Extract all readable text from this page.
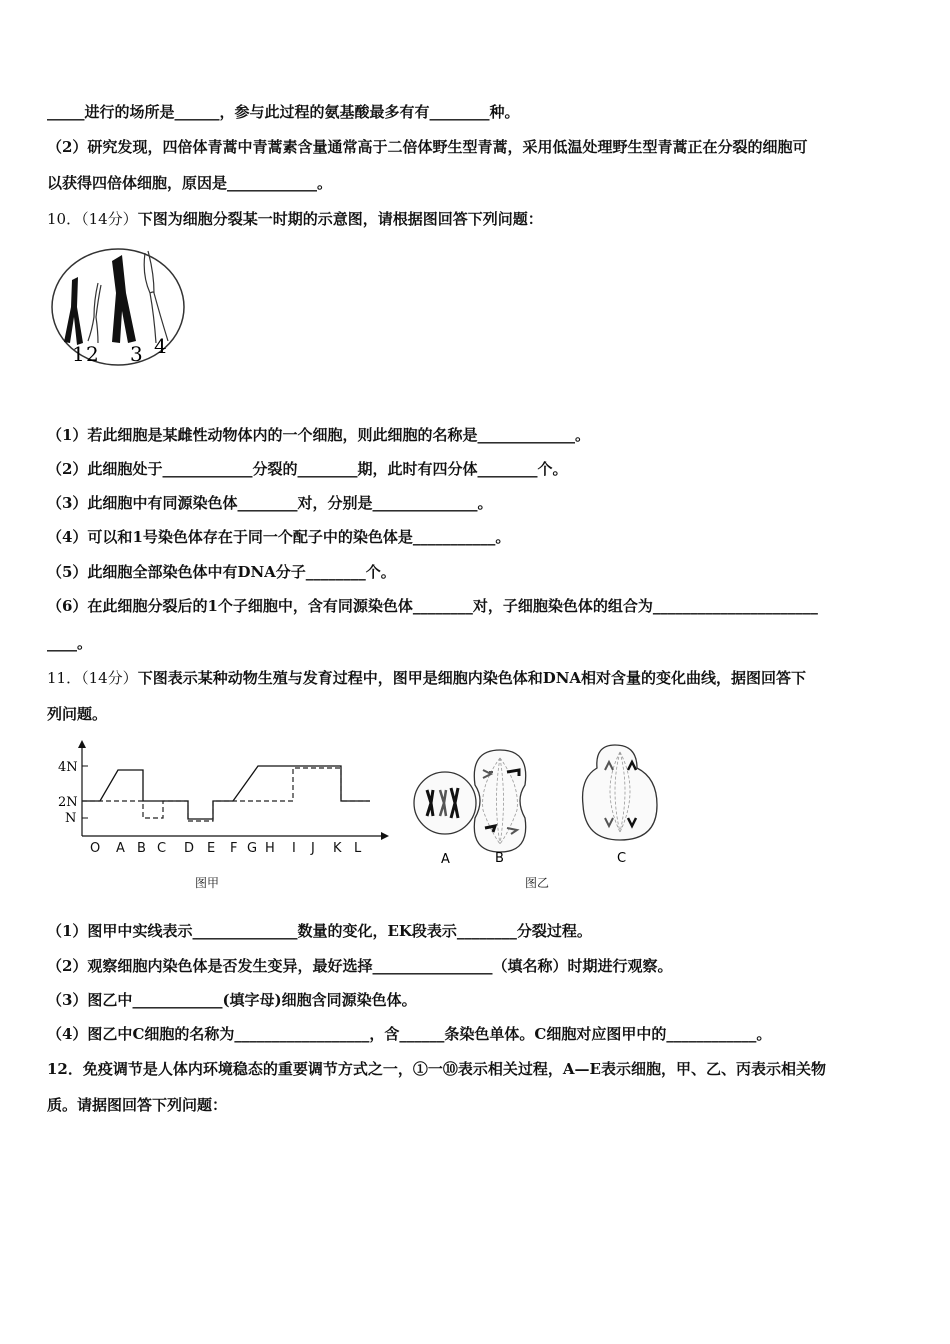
_____进行的场所是______，参与此过程的氨基酸最多有有________种。
（2）研究发现，四倍体青蒿中青蒿素含量通常高于二倍体野生型青蒿，采用低温处理野生型青蒿正在分裂的细胞可
以获得四倍体细胞，原因是____________。
10．（14分）下图为细胞分裂某一时期的示意图，请根据图回答下列问题：
1 2 3 4
（1）若此细胞是某雌性动物体内的一个细胞，则此细胞的名称是_____________。
（2）此细胞处于____________分裂的________期，此时有四分体________个。
（3）此细胞中有同源染色体________对，分别是______________。
（4）可以和1号染色体存在于同一个配子中的染色体是___________。
（5）此细胞全部染色体中有DNA分子________个。
（6）在此细胞分裂后的1个子细胞中，含有同源染色体________对，子细胞染色体的组合为______________________
____。
11．（14分）下图表示某种动物生殖与发育过程中，图甲是细胞内染色体和DNA相对含量的变化曲线，据图回答下
列问题。
4N
2N
N
O A B C D E F G H I J K L
图甲
A	B	C
图乙
（1）图甲中实线表示______________数量的变化，EK段表示________分裂过程。
（2）观察细胞内染色体是否发生变异，最好选择________________（填名称）时期进行观察。
（3）图乙中____________(填字母)细胞含同源染色体。
（4）图乙中C细胞的名称为__________________，含______条染色单体。C细胞对应图甲中的____________。
12．免疫调节是人体内环境稳态的重要调节方式之一，①一⑩表示相关过程，A—E表示细胞，甲、乙、丙表示相关物
质。请据图回答下列问题：
